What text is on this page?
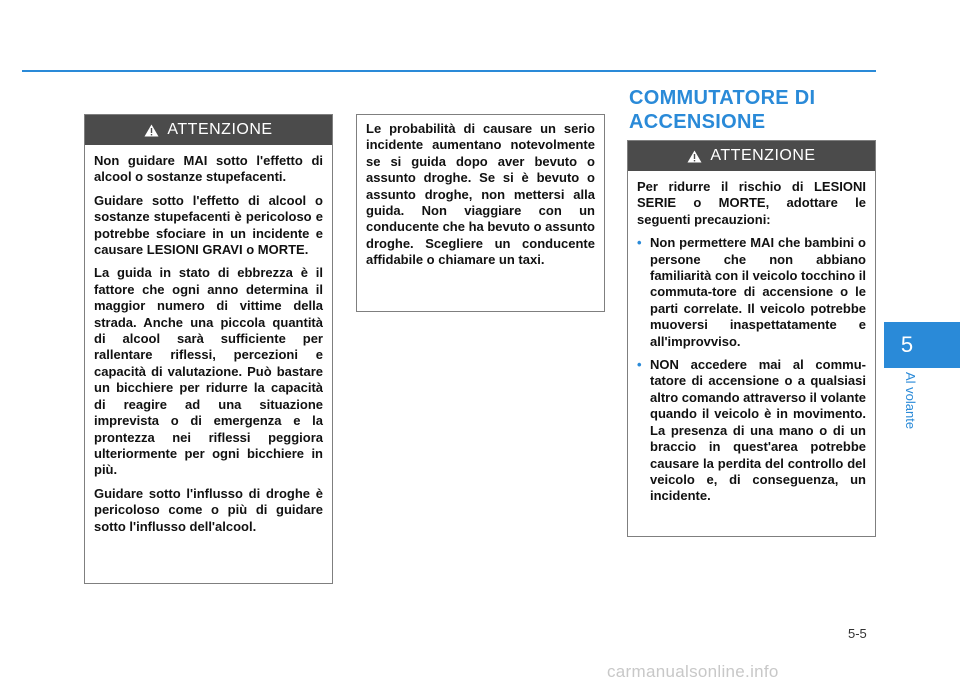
ATTENZIONE

Non guidare MAI sotto l'effetto di alcool o sostanze stupefacenti.

Guidare sotto l'effetto di alcool o sostanze stupefacenti è pericoloso e potrebbe sfociare in un incidente e causare LESIONI GRAVI o MORTE.

La guida in stato di ebbrezza è il fattore che ogni anno determina il maggior numero di vittime della strada. Anche una piccola quantità di alcool sarà sufficiente per rallentare riflessi, percezioni e capacità di valutazione. Può bastare un bicchiere per ridurre la capacità di reagire ad una situazione imprevista o di emergenza e la prontezza nei riflessi peggiora ulteriormente per ogni bicchiere in più.

Guidare sotto l'influsso di droghe è pericoloso come o più di guidare sotto l'influsso dell'alcool.

Le probabilità di causare un serio incidente aumentano notevolmente se si guida dopo aver bevuto o assunto droghe. Se si è bevuto o assunto droghe, non mettersi alla guida. Non viaggiare con un conducente che ha bevuto o assunto droghe. Scegliere un conducente affidabile o chiamare un taxi.

COMMUTATORE DI
ACCENSIONE
ATTENZIONE

Per ridurre il rischio di LESIONI SERIE o MORTE, adottare le seguenti precauzioni:

• Non permettere MAI che bambini o persone che non abbiano familiarità con il veicolo tocchino il commuta-tore di accensione o le parti correlate. Il veicolo potrebbe muoversi inaspettatamente e all'improvviso.
• NON accedere mai al commu-tatore di accensione o a qualsiasi altro comando attraverso il volante quando il veicolo è in movimento. La presenza di una mano o di un braccio in quest'area potrebbe causare la perdita del controllo del veicolo e, di conseguenza, un incidente.
5
Al volante
5-5
carmanualsonline.info
